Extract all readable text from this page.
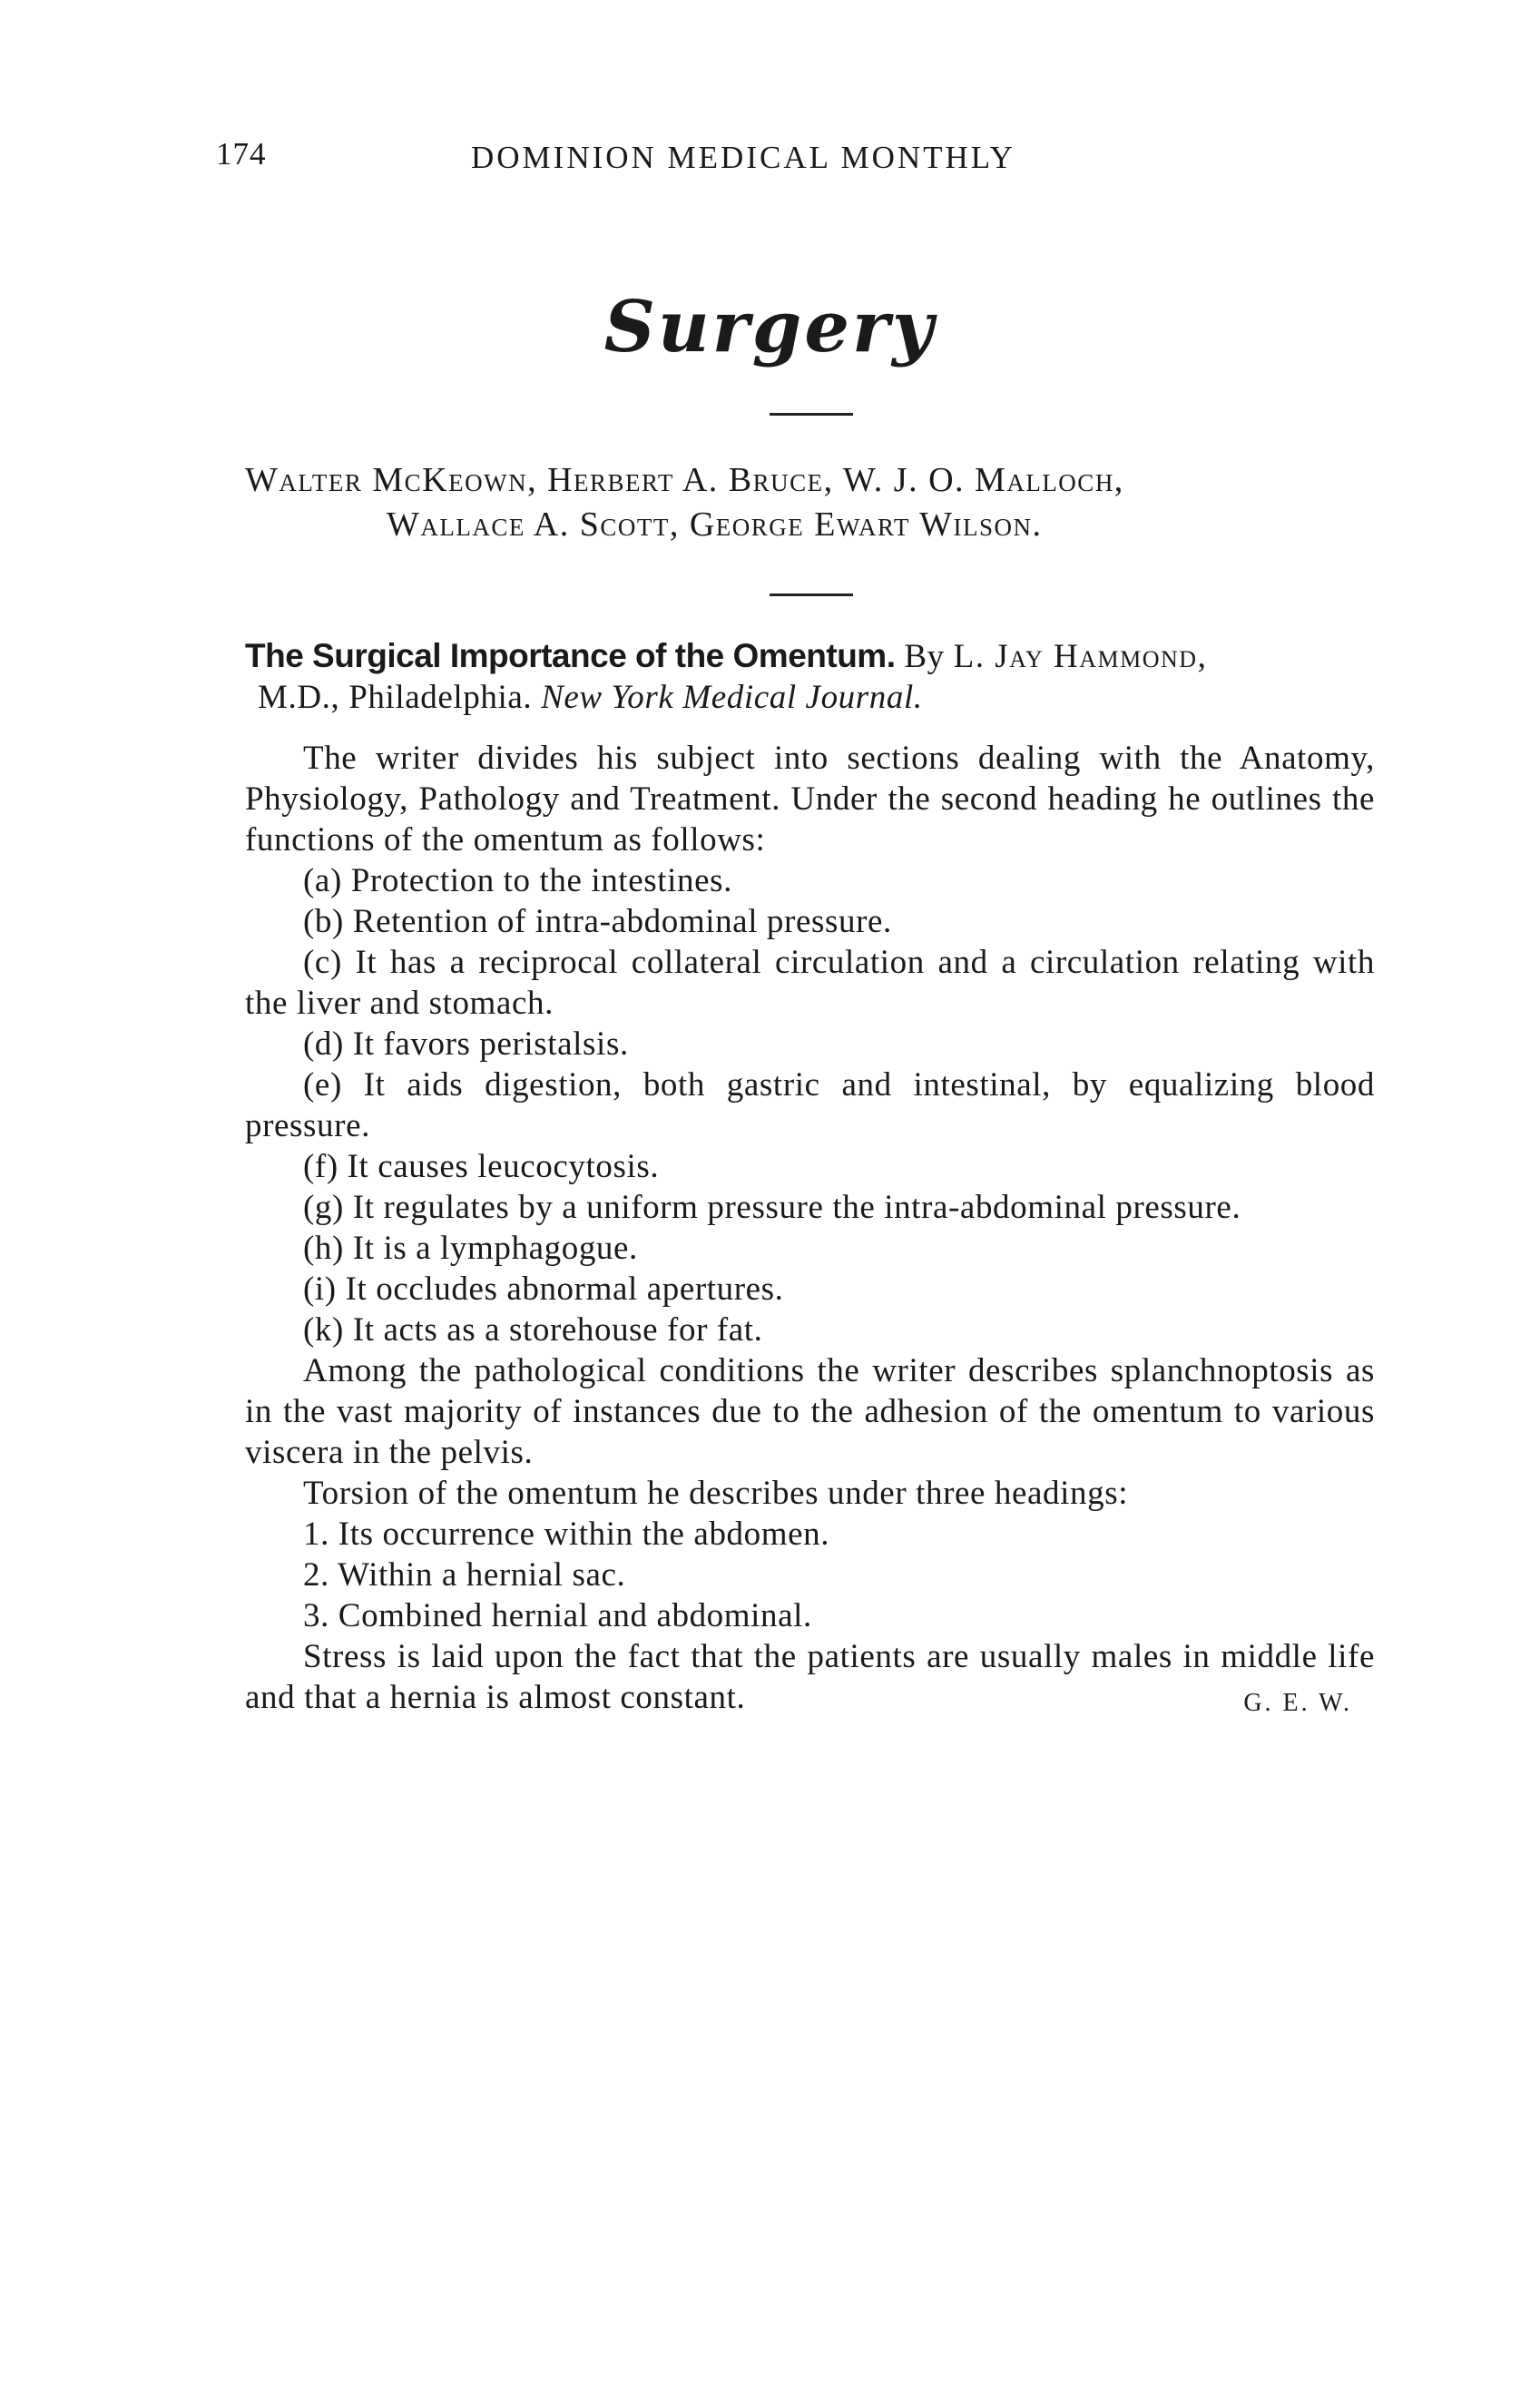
174	DOMINION MEDICAL MONTHLY
Surgery
Walter McKeown, Herbert A. Bruce, W. J. O. Malloch,
Wallace A. Scott, George Ewart Wilson.
The Surgical Importance of the Omentum. By L. Jay Hammond,
M.D., Philadelphia. New York Medical Journal.

The writer divides his subject into sections dealing with the Anatomy, Physiology, Pathology and Treatment. Under the second heading he outlines the functions of the omentum as follows:

(a) Protection to the intestines.

(b) Retention of intra-abdominal pressure.

(c) It has a reciprocal collateral circulation and a circulation relating with the liver and stomach.

(d) It favors peristalsis.

(e) It aids digestion, both gastric and intestinal, by equalizing blood pressure.

(f) It causes leucocytosis.

(g) It regulates by a uniform pressure the intra-abdominal pressure.

(h) It is a lymphagogue.

(i) It occludes abnormal apertures.

(k) It acts as a storehouse for fat.

Among the pathological conditions the writer describes splanchnoptosis as in the vast majority of instances due to the adhesion of the omentum to various viscera in the pelvis.

Torsion of the omentum he describes under three headings:

1. Its occurrence within the abdomen.

2. Within a hernial sac.

3. Combined hernial and abdominal.

Stress is laid upon the fact that the patients are usually males in middle life and that a hernia is almost constant.	G. E. W.
